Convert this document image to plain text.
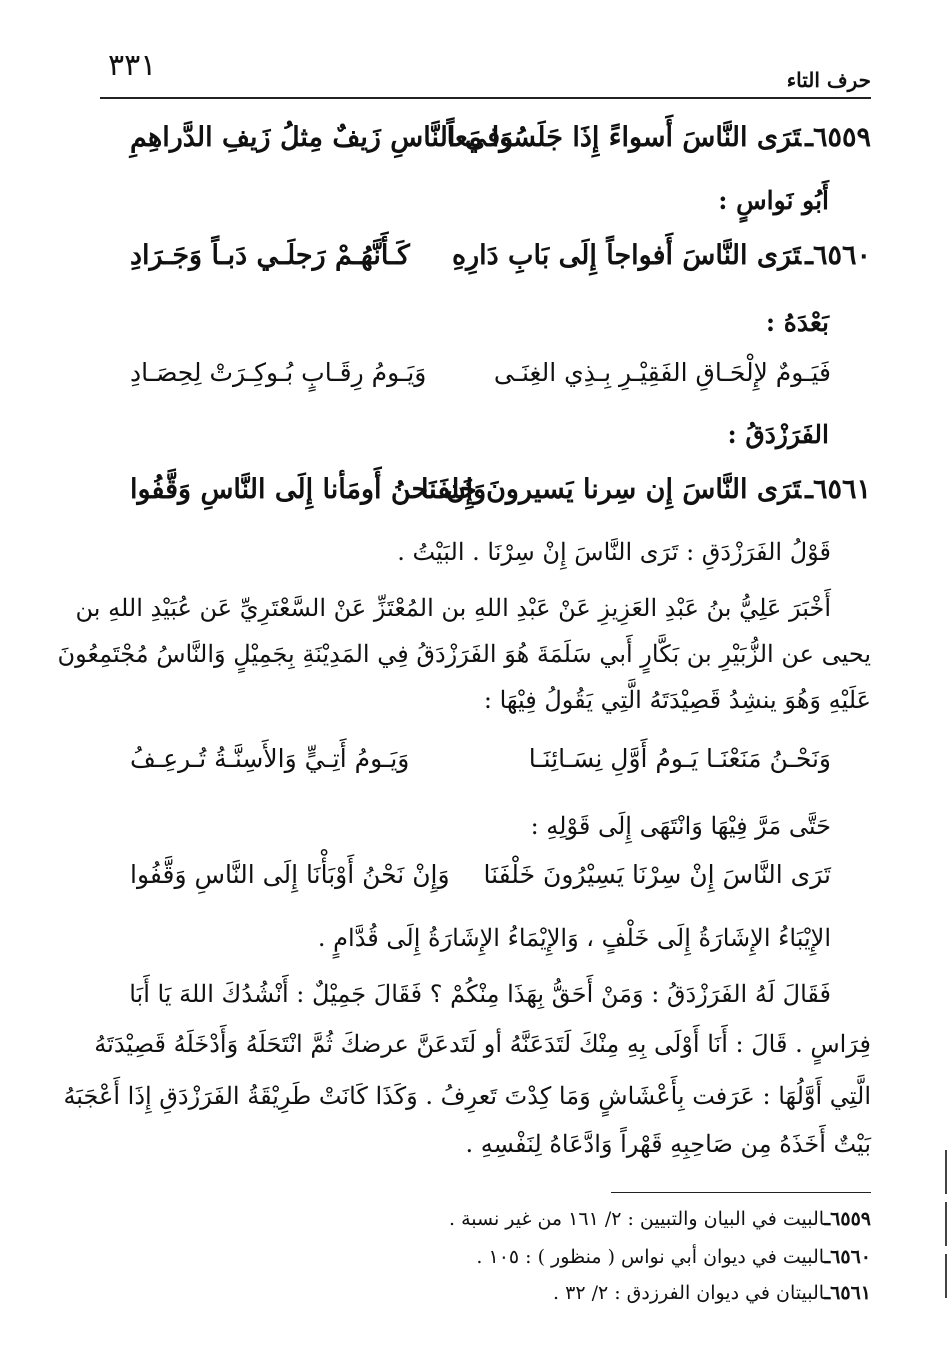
٣٣١	حرف التاء
٦٥٥٩ـتَرَى النَّاسَ أَسواءً إِذَا جَلَسُوا مَعاً
وَفي النَّاسِ زَيفٌ مِثلُ زَيفِ الدَّراهِمِ
أَبُو نَواسٍ :
٦٥٦٠ـتَرَى النَّاسَ أَفواجاً إِلَى بَابِ دَارِهِ
كَـأَنَّهُـمْ رَجلَـي دَبـاً وَجَـرَادِ
بَعْدَهُ :
فَيَـومٌ لإِلْحَـاقِ الفَقِيْـرِ بِـذِي الغِنَـى
وَيَـومُ رِقَـابٍ بُـوكِـرَتْ لِحِصَـادِ
الفَرَزْدَقُ :
٦٥٦١ـتَرَى النَّاسَ إِن سِرنا يَسيرونَ خَلفَنا
وَإِن نَحنُ أَومَأنا إِلَى النَّاسِ وَقَّفُوا
قَوْلُ الفَرَزْدَقِ : تَرَى النَّاسَ إِنْ سِرْنَا . البَيْتُ .
أَخْبَرَ عَلِيُّ بنُ عَبْدِ العَزِيزِ عَنْ عَبْدِ اللهِ بن المُعْتَزِّ عَنْ السَّعْتَرِيِّ عَن عُبَيْدِ اللهِ بن
يحيى عن الزُّبَيْرِ بن بَكَّارٍ أَبي سَلَمَةَ هُوَ الفَرَزْدَقُ فِي المَدِيْنَةِ بِجَمِيْلٍ وَالنَّاسُ مُجْتَمِعُونَ
عَلَيْهِ وَهُوَ ينشِدُ قَصِيْدَتَهُ الَّتِي يَقُولُ فِيْهَا :
وَنَحْـنُ مَنَعْنَـا يَـومُ أَوَّلِ نِسَـائِنَـا
وَيَـومُ أَتِـيٍّ وَالأَسِنَّـةُ تُـرعِـفُ
حَتَّى مَرَّ فِيْهَا وَانْتَهَى إِلَى قَوْلِهِ :
تَرَى النَّاسَ إِنْ سِرْنَا يَسِيْرُونَ خَلْفَنَا
وَإِنْ نَحْنُ أَوْبَأْنَا إِلَى النَّاسِ وَقَّفُوا
الإِيْبَاءُ الإِشَارَةُ إِلَى خَلْفٍ ، وَالإِيْمَاءُ الإِشَارَةُ إِلَى قُدَّامٍ .
فَقَالَ لَهُ الفَرَزْدَقُ : وَمَنْ أَحَقُّ بِهَذَا مِنْكُمْ ؟ فَقَالَ جَمِيْلٌ : أَنْشُدُكَ اللهَ يَا أَبَا
فِرَاسٍ . قَالَ : أَنَا أَوْلَى بِهِ مِنْكَ لَتَدَعَنَّهُ أو لَتَدعَنَّ عرضكَ ثُمَّ انْتَحَلَهُ وَأَدْخَلَهُ قَصِيْدَتَهُ
الَّتِي أَوَّلُهَا : عَرَفت بِأَعْشَاشٍ وَمَا كِدْتَ تَعرِفُ . وَكَذَا كَانَتْ طَرِيْقَةُ الفَرَزْدَقِ إِذَا أَعْجَبَهُ
بَيْتٌ أَخَذَهُ مِن صَاحِبِهِ قَهْراً وَادَّعَاهُ لِنَفْسِهِ .
٦٥٥٩ـالبيت في البيان والتبيين : ٢/ ١٦١ من غير نسبة .
٦٥٦٠ـالبيت في ديوان أبي نواس ( منظور ) : ١٠٥ .
٦٥٦١ـالبيتان في ديوان الفرزدق : ٢/ ٣٢ .
